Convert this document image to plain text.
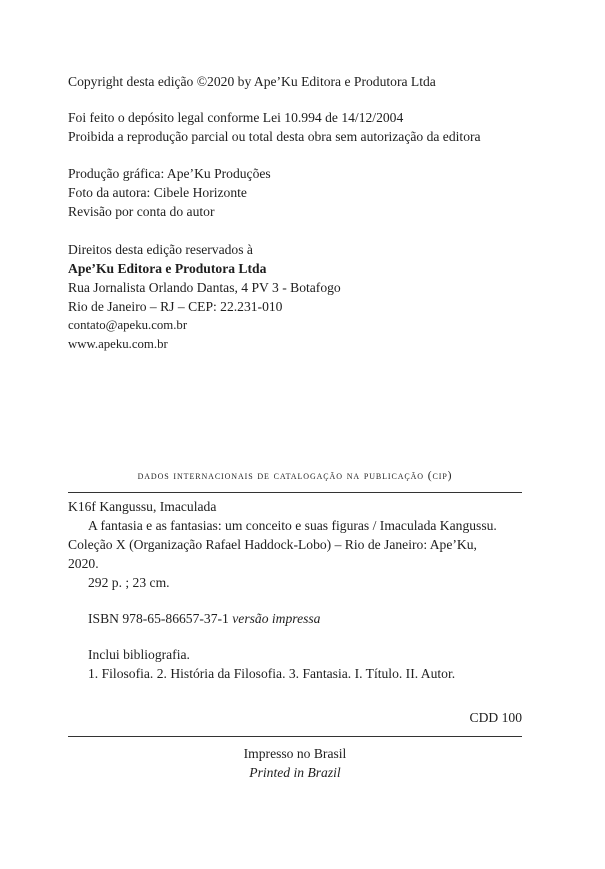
Copyright desta edição ©2020 by Ape’Ku Editora e Produtora Ltda
Foi feito o depósito legal conforme Lei 10.994 de 14/12/2004
Proibida a reprodução parcial ou total desta obra sem autorização da editora
Produção gráfica: Ape’Ku Produções
Foto da autora: Cibele Horizonte
Revisão por conta do autor
Direitos desta edição reservados à
Ape’Ku Editora e Produtora Ltda
Rua Jornalista Orlando Dantas, 4 PV 3 - Botafogo
Rio de Janeiro – RJ – CEP: 22.231-010
contato@apeku.com.br
www.apeku.com.br
dados internacionais de catalogação na publicação (cip)
K16f Kangussu, Imaculada
A fantasia e as fantasias: um conceito e suas figuras / Imaculada Kangussu.
Coleção X (Organização Rafael Haddock-Lobo) – Rio de Janeiro: Ape’Ku,
2020.
292 p. ; 23 cm.
ISBN 978-65-86657-37-1 versão impressa
Inclui bibliografia.
1. Filosofia. 2. História da Filosofia. 3. Fantasia. I. Título. II. Autor.
CDD 100
Impresso no Brasil
Printed in Brazil
